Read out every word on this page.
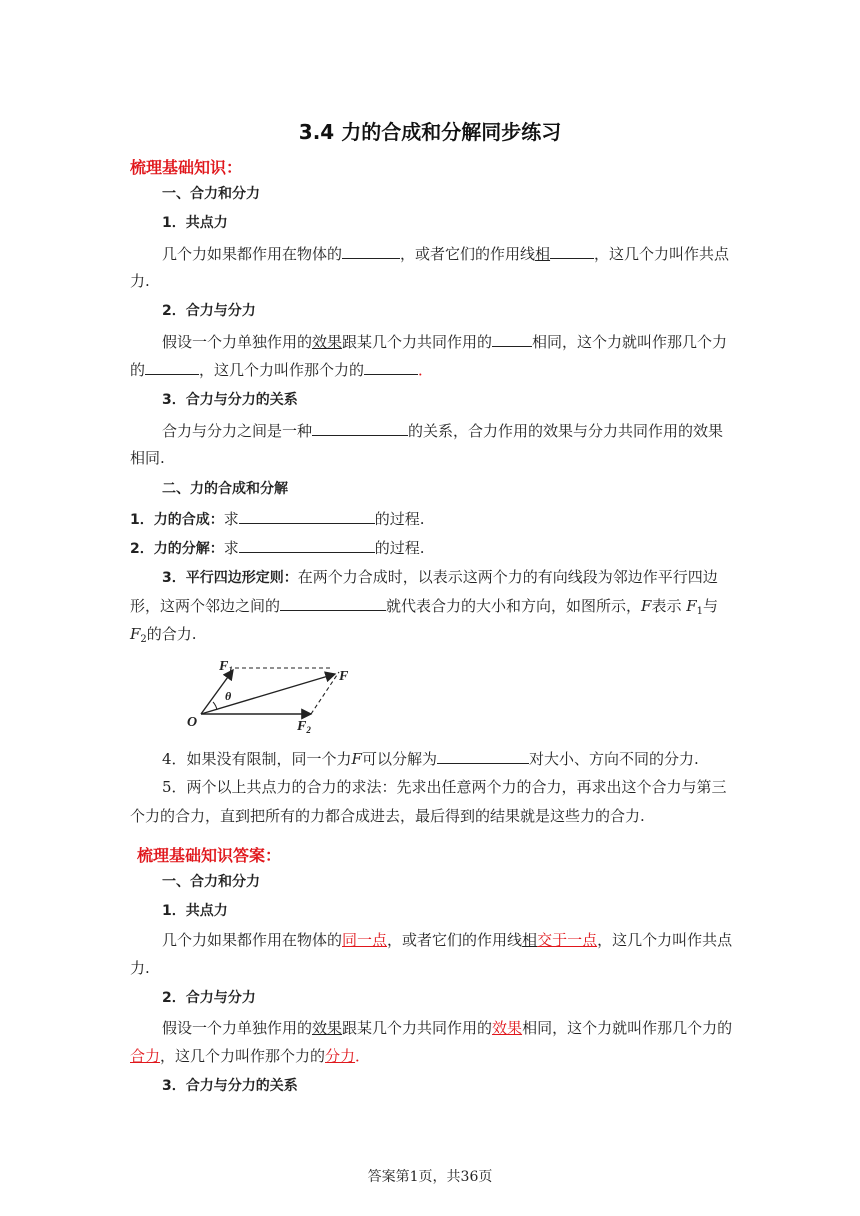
3.4 力的合成和分解同步练习
梳理基础知识：
一、合力和分力
1．共点力
几个力如果都作用在物体的	，或者它们的作用线相	，这几个力叫作共点
力.
2．合力与分力
假设一个力单独作用的效果跟某几个力共同作用的	相同，这个力就叫作那几个力
的	，这几个力叫作那个力的	．
3．合力与分力的关系
合力与分力之间是一种	的关系，合力作用的效果与分力共同作用的效果
相同.
二、力的合成和分解
1．力的合成：求	的过程.
2．力的分解：求	的过程.
3．平行四边形定则：在两个力合成时，以表示这两个力的有向线段为邻边作平行四边
形，这两个邻边之间的	就代表合力的大小和方向，如图所示，F表示 $F_1$与
$F_2$的合力.
$F_1$	F
θ
O	$F_2$
4．如果没有限制，同一个力F可以分解为	对大小、方向不同的分力.
5．两个以上共点力的合力的求法：先求出任意两个力的合力，再求出这个合力与第三
个力的合力，直到把所有的力都合成进去，最后得到的结果就是这些力的合力.
梳理基础知识答案：
一、合力和分力
1．共点力
几个力如果都作用在物体的同一点，或者它们的作用线相交于一点，这几个力叫作共点
力.
2．合力与分力
假设一个力单独作用的效果跟某几个力共同作用的效果相同，这个力就叫作那几个力的
合力，这几个力叫作那个力的分力．
3．合力与分力的关系
答案第1页，共36页
